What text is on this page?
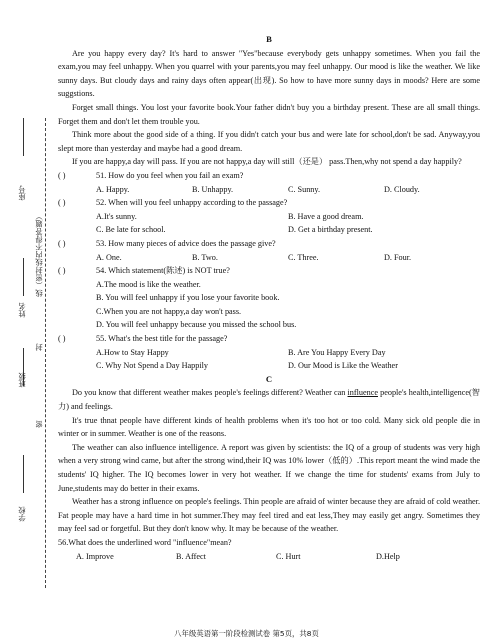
座号
线（密封线内不得答题）
姓名
封
班级
密
学校
B

Are you happy every day? It's hard to answer "Yes"because everybody gets unhappy sometimes. When you fail the exam,you may feel unhappy. When you quarrel with your parents,you may feel unhappy. Our mood is like the weather. We like sunny days. But cloudy days and rainy days often appear(出现). So how to have more sunny days in moods? Here are some suggstions.

Forget small things. You lost your favorite book.Your father didn't buy you a birthday present. These are all small things. Forget them and don't let them trouble you.

Think more about the good side of a thing. If you didn't catch your bus and were late for school,don't be sad. Anyway,you slept more than yesterday and maybe had a good dream.

If you are happy,a day will pass. If you are not happy,a day will still（还是） pass.Then,why not spend a day happily?

( )	51. How do you feel when you fail an exam?
A. Happy.	B. Unhappy.	C. Sunny.	D. Cloudy.
( )	52. When will you feel unhappy according to the passage?
A.It's sunny.	B. Have a good dream.
C. Be late for school.	D. Get a birthday present.
( )	53. How many pieces of advice does the passage give?
A. One.	B. Two.	C. Three.	D. Four.
( )	54. Which statement(陈述) is NOT true?
A.The mood is like the weather.
B. You will feel unhappy if you lose your favorite book.
C.When you are not happy,a day won't pass.
D. You will feel unhappy because you missed the school bus.
( )	55. What's the best title for the passage?
A.How to Stay Happy	B. Are You Happy Every Day
C. Why Not Spend a Day Happily	D. Our Mood is Like the Weather
C

Do you know that different weather makes people's feelings different? Weather can influence people's health,intelligence(智力) and feelings.

It's true thnat people have different kinds of health problems when it's too hot or too cold. Many sick old people die in winter or in summer. Weather is one of the reasons.

The weather can also influence intelligence. A report was given by scientists: the IQ of a group of students was very high when a very strong wind came, but after the strong wind,their IQ was 10% lower（低的）.This report meant the wind made the students' IQ higher. The IQ becomes lower in very hot weather. If we change the time for students' exams from July to June,students may do better in their exams.

Weather has a strong influence on people's feelings. Thin people are afraid of winter because they are afraid of cold weather. Fat people may have a hard time in hot summer.They may feel tired and eat less,They may easily get angry. Sometimes they may feel sad or forgetful. But they don't know why. It may be because of the weather.

56.What does the underlined word "influence"mean?
A. Improve	B. Affect	C. Hurt	D.Help
八年级英语第一阶段检测试卷 第5页，共8页
